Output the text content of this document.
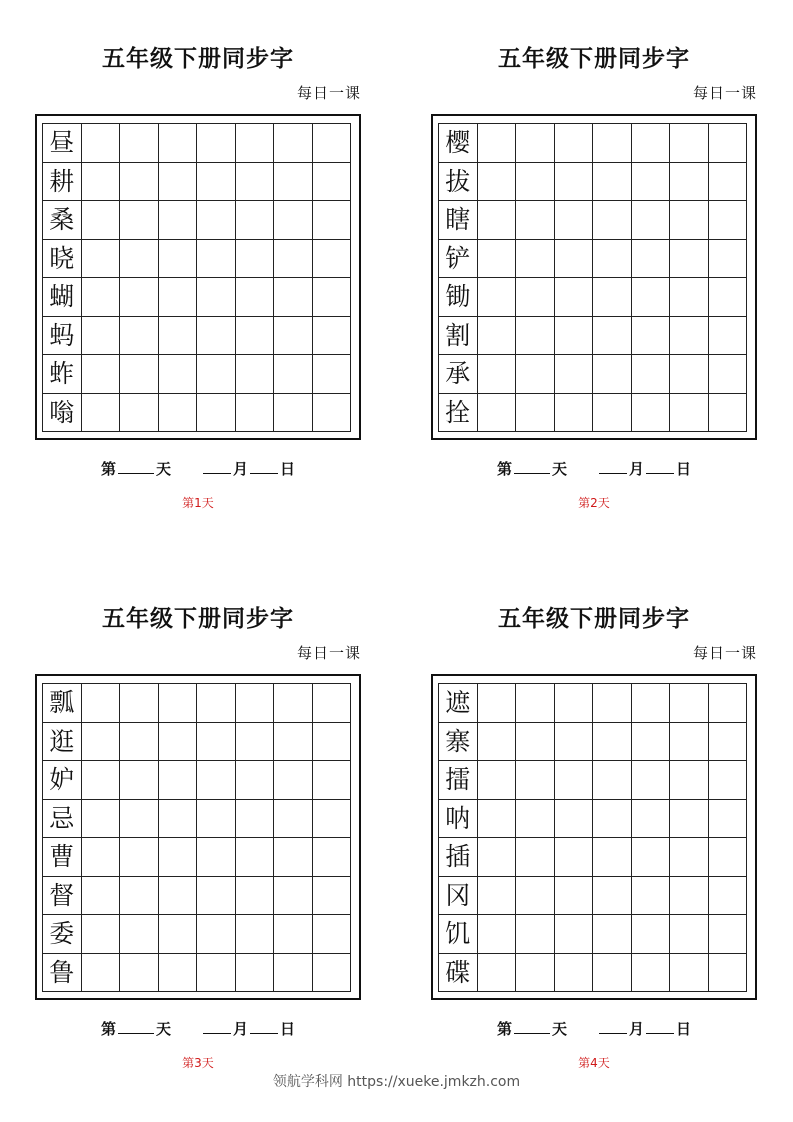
五年级下册同步字
每日一课
昼
耕
桑
晓
蝴
蚂
蚱
嗡
第	天	月 日
第1天
五年级下册同步字
每日一课
樱
拔
瞎
铲
锄
割
承
拴
第	天	月 日
第2天
五年级下册同步字
每日一课
瓢
逛
妒
忌
曹
督
委
鲁
第	天	月 日
第3天
五年级下册同步字
每日一课
遮
寨
擂
呐
插
冈
饥
碟
第	天	月 日
第4天
领航学科网 https://xueke.jmkzh.com
